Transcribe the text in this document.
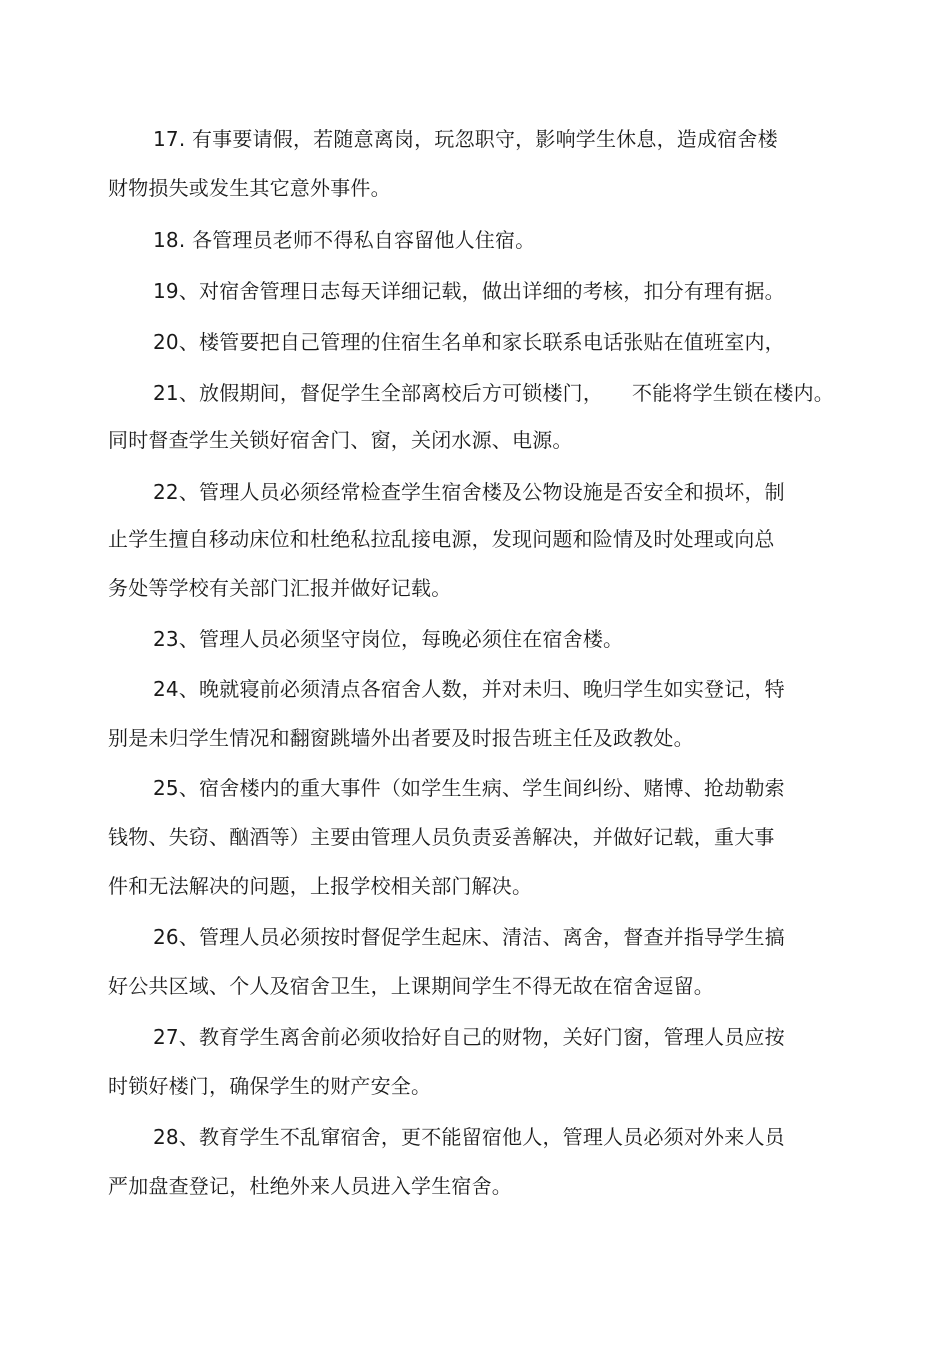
17. 有事要请假，若随意离岗，玩忽职守，影响学生休息，造成宿舍楼
财物损失或发生其它意外事件。
18. 各管理员老师不得私自容留他人住宿。
19、对宿舍管理日志每天详细记载，做出详细的考核，扣分有理有据。
20、楼管要把自己管理的住宿生名单和家长联系电话张贴在值班室内，
21、放假期间，督促学生全部离校后方可锁楼门， 不能将学生锁在楼内。
同时督查学生关锁好宿舍门、窗，关闭水源、电源。
22、管理人员必须经常检查学生宿舍楼及公物设施是否安全和损坏，制
止学生擅自移动床位和杜绝私拉乱接电源，发现问题和险情及时处理或向总
务处等学校有关部门汇报并做好记载。
23、管理人员必须坚守岗位，每晚必须住在宿舍楼。
24、晚就寝前必须清点各宿舍人数，并对未归、晚归学生如实登记，特
别是未归学生情况和翻窗跳墙外出者要及时报告班主任及政教处。
25、宿舍楼内的重大事件（如学生生病、学生间纠纷、赌博、抢劫勒索
钱物、失窃、酗酒等）主要由管理人员负责妥善解决，并做好记载，重大事
件和无法解决的问题，上报学校相关部门解决。
26、管理人员必须按时督促学生起床、清洁、离舍，督查并指导学生搞
好公共区域、个人及宿舍卫生，上课期间学生不得无故在宿舍逗留。
27、教育学生离舍前必须收拾好自己的财物，关好门窗，管理人员应按
时锁好楼门，确保学生的财产安全。
28、教育学生不乱窜宿舍，更不能留宿他人，管理人员必须对外来人员
严加盘查登记，杜绝外来人员进入学生宿舍。
